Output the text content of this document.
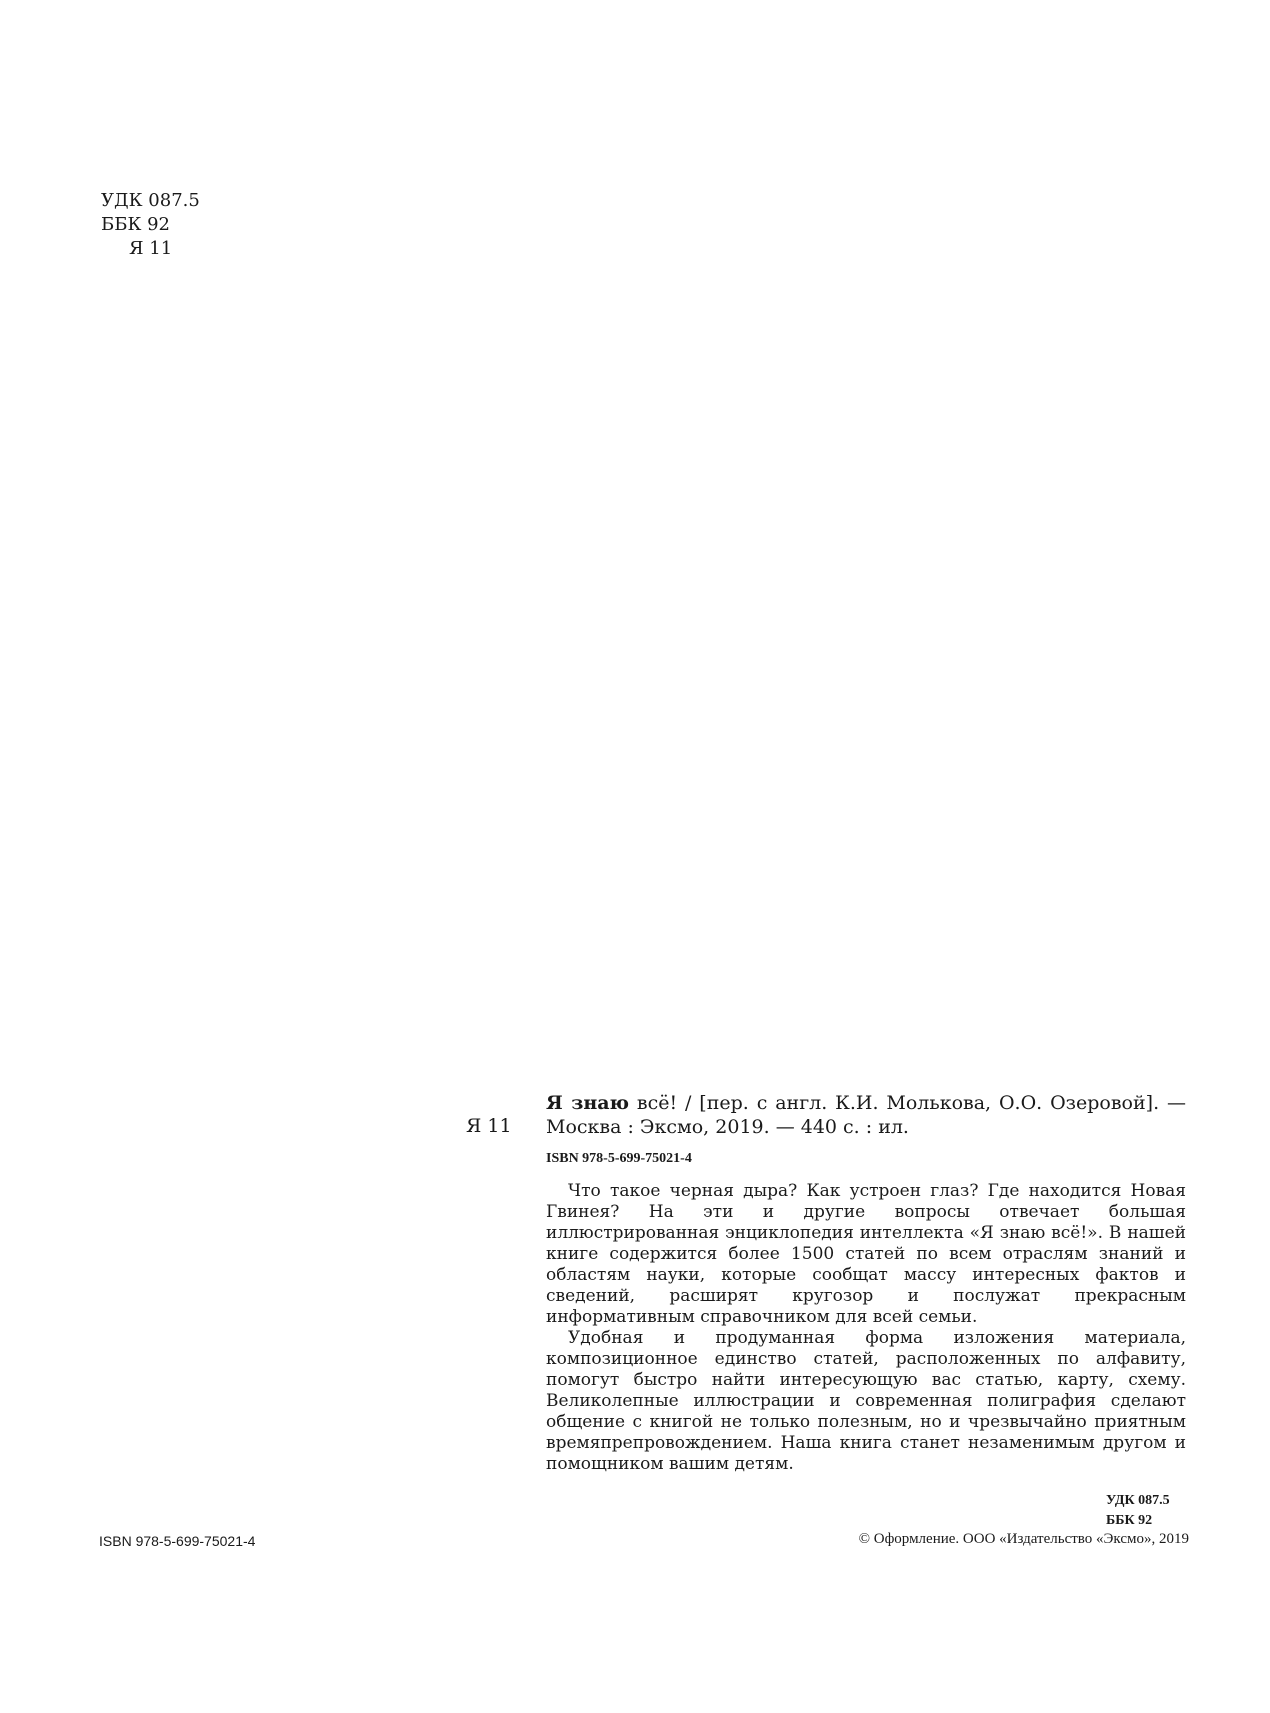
УДК 087.5
ББК 92
Я 11
Я 11

Я знаю всё! / [пер. с англ. К.И. Молькова, О.О. Озеровой]. — Москва : Эксмо, 2019. — 440 с. : ил.

ISBN 978-5-699-75021-4

Что такое черная дыра? Как устроен глаз? Где находится Новая Гвинея? На эти и другие вопросы отвечает большая иллюстрированная энциклопедия интеллекта «Я знаю всё!». В нашей книге содержится более 1500 статей по всем отраслям знаний и областям науки, которые сообщат массу интересных фактов и сведений, расширят кругозор и послужат прекрасным информативным справочником для всей семьи.

Удобная и продуманная форма изложения материала, композиционное единство статей, расположенных по алфавиту, помогут быстро найти интересующую вас статью, карту, схему. Великолепные иллюстрации и современная полиграфия сделают общение с книгой не только полезным, но и чрезвычайно приятным времяпрепровождением. Наша книга станет незаменимым другом и помощником вашим детям.

УДК 087.5
ББК 92
ISBN 978-5-699-75021-4	© Оформление. ООО «Издательство «Эксмо», 2019
